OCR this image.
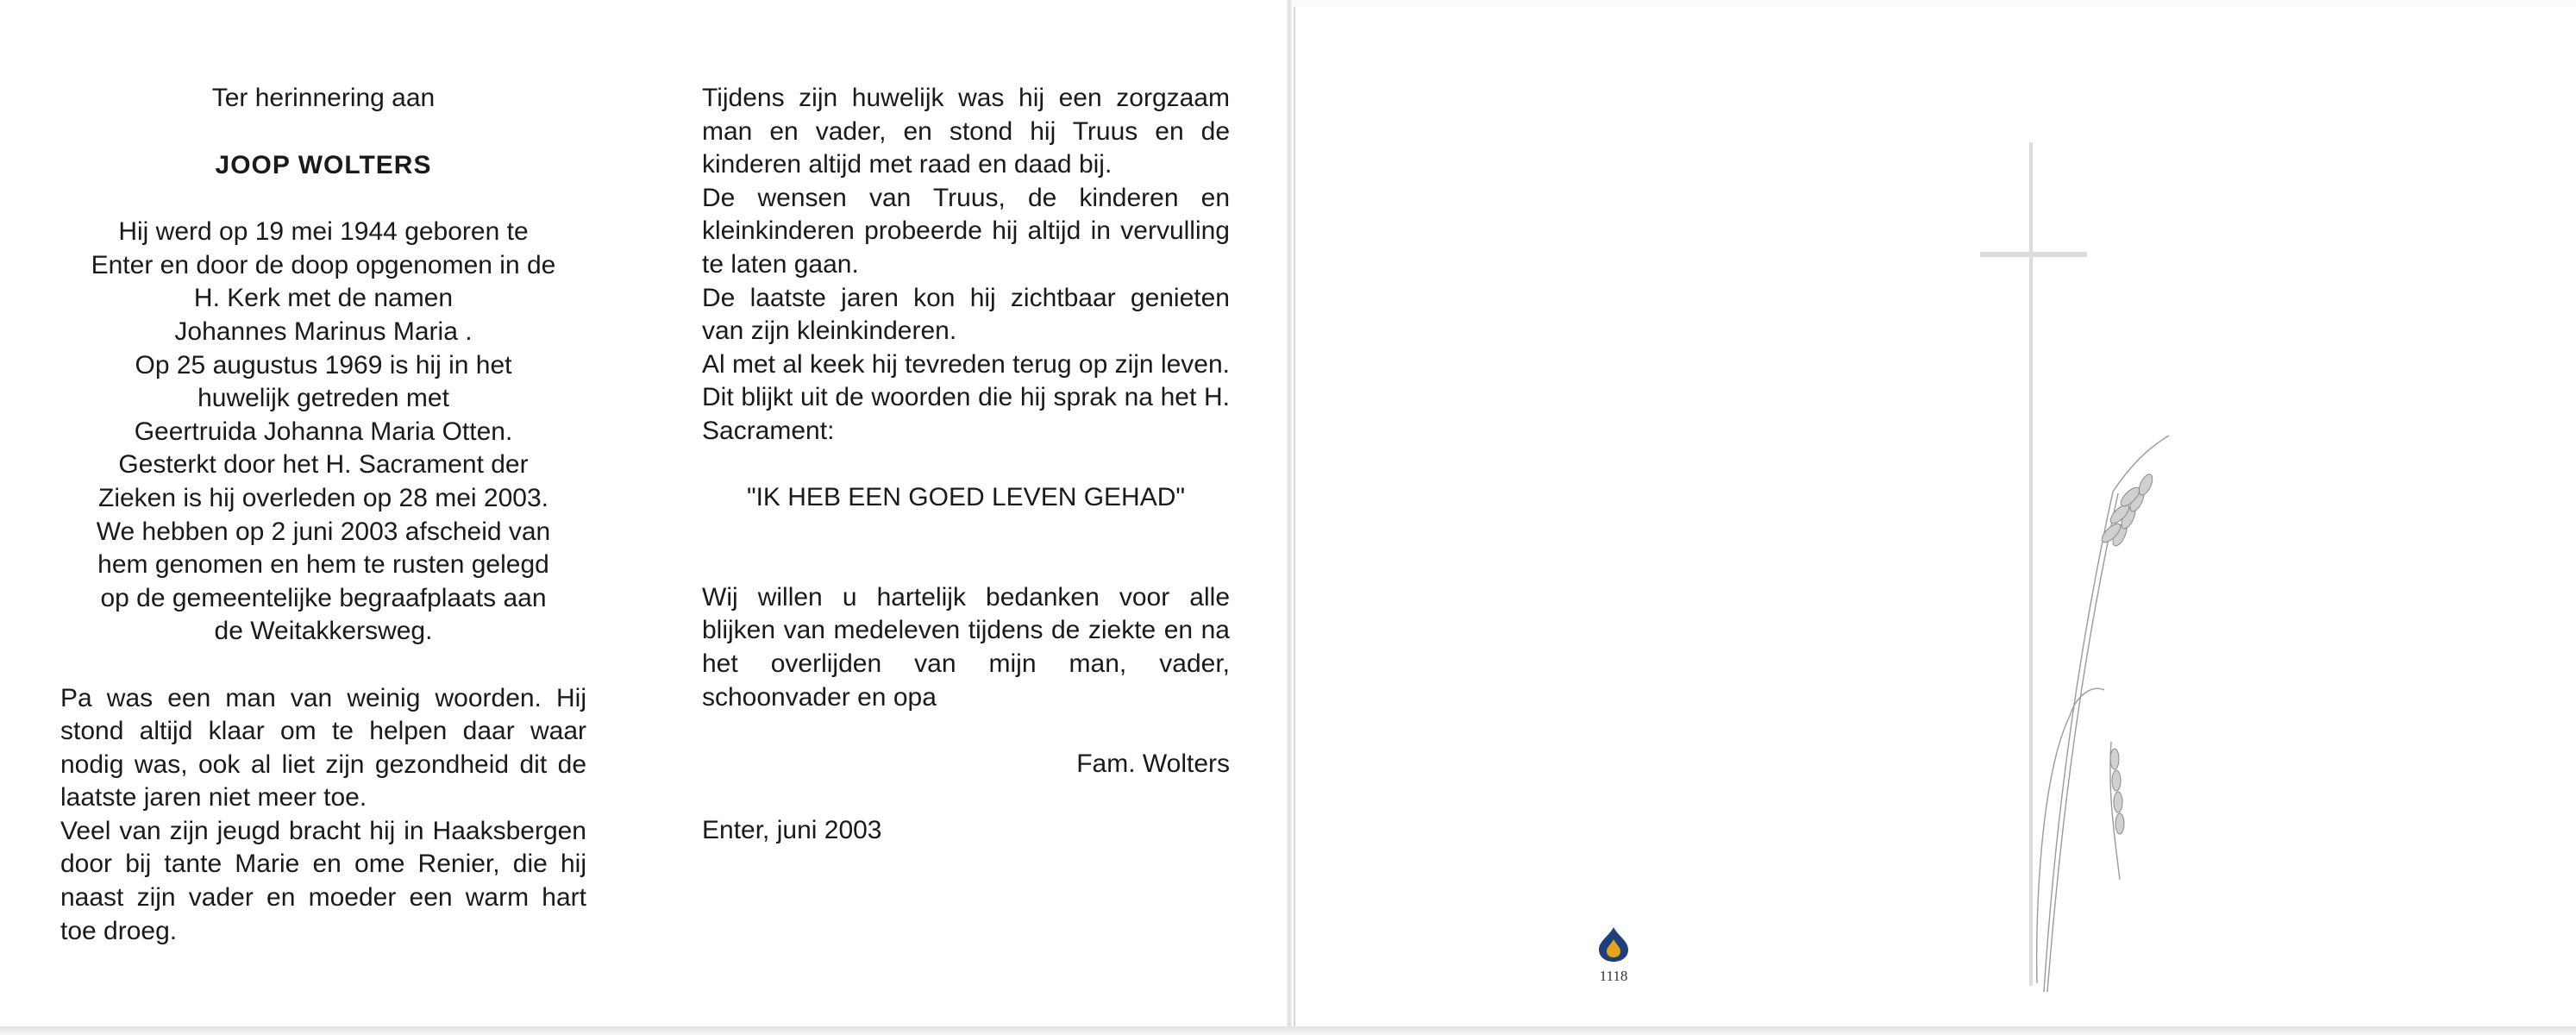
Ter herinnering aan

JOOP WOLTERS

Hij werd op 19 mei 1944 geboren te
Enter en door de doop opgenomen in de
H. Kerk met de namen
Johannes Marinus Maria .
Op 25 augustus 1969 is hij in het
huwelijk getreden met
Geertruida Johanna Maria Otten.
Gesterkt door het H. Sacrament der
Zieken is hij overleden op 28 mei 2003.
We hebben op 2 juni 2003 afscheid van
hem genomen en hem te rusten gelegd
op de gemeentelijke begraafplaats aan
de Weitakkersweg.

Pa was een man van weinig woorden. Hij stond altijd klaar om te helpen daar waar nodig was, ook al liet zijn gezondheid dit de laatste jaren niet meer toe.

Veel van zijn jeugd bracht hij in Haaksbergen door bij tante Marie en ome Renier, die hij naast zijn vader en moeder een warm hart toe droeg.

Tijdens zijn huwelijk was hij een zorgzaam man en vader, en stond hij Truus en de kinderen altijd met raad en daad bij.

De wensen van Truus, de kinderen en kleinkinderen probeerde hij altijd in vervulling te laten gaan.

De laatste jaren kon hij zichtbaar genieten van zijn kleinkinderen.

Al met al keek hij tevreden terug op zijn leven.

Dit blijkt uit de woorden die hij sprak na het H. Sacrament:

"IK HEB EEN GOED LEVEN GEHAD"

Wij willen u hartelijk bedanken voor alle blijken van medeleven tijdens de ziekte en na het overlijden van mijn man, vader, schoonvader en opa

Fam. Wolters

Enter, juni 2003

1118
